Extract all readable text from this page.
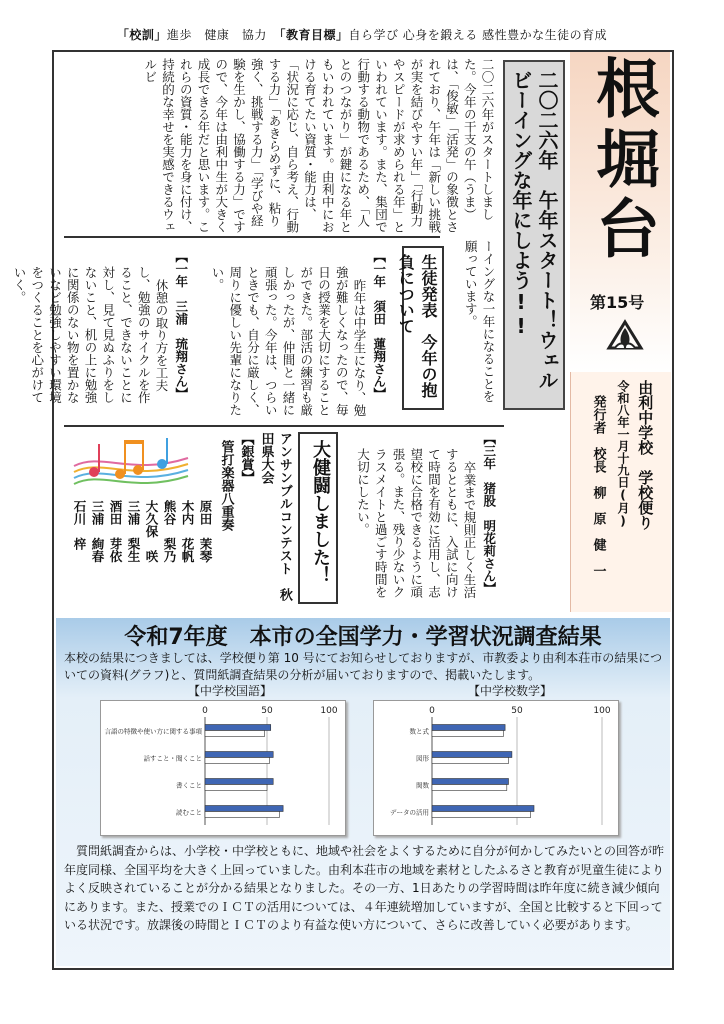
「校訓」進歩　健康　協力　 「教育目標」自ら学び 心身を鍛える 感性豊かな生徒の育成
根堀台
第15号
由利中学校　学校便り
令和八年一月十九日(月)
発行者　校長　柳　原　健　一
二〇二六年　午年スタート！ウェルビーイングな年にしよう!!
二〇二六年がスタートしました。今年の干支の午（うま）は、「俊敏」「活発」の象徴とされており、午年は「新しい挑戦が実を結びやすい年」「行動力やスピードが求められる年」といわれています。また、集団で行動する動物であるため、「人とのつながり」が鍵になる年ともいわれています。由利中における育てたい資質・能力は、「状況に応じ、自ら考え、行動する力」「あきらめずに、粘り強く、挑戦する力」「学びや経験を生かし、協働する力」ですので、今年は由利中生が大きく成長できる年だと思います。これらの資質・能力を身に付け、持続的な幸せを実感できるウェルビ
ーイングな一年になることを願っています。
生徒発表　今年の抱負について
【一年　須田　蓮翔さん】
昨年は中学生になり、勉強が難しくなったので、毎日の授業を大切にすることができた。部活の練習も厳しかったが、仲間と一緒に頑張った。今年は、つらいときでも、自分に厳しく、周りに優しい先輩になりたい。
【一年　三浦　琉翔さん】
休憩の取り方を工夫し、勉強のサイクルを作ること、できないことに対し、見て見ぬふりをしないこと、机の上に勉強に関係のない物を置かないなど勉強しやすい環境をつくることを心がけていく。
【三年　猪股　明花莉さん】
卒業まで規則正しく生活するとともに、入試に向けて時間を有効に活用し、志望校に合格できるように頑張る。また、残り少ないクラスメイトと過ごす時間を大切にしたい。
大健闘しました！
アンサンブルコンテスト　秋田県大会
【銀賞】
管打楽器八重奏
原田　茉琴
木内　花帆
熊谷　梨乃
大久保　咲
三浦　梨生
酒田　芽依
三浦　絢春
石川　梓
令和7年度　本市の全国学力・学習状況調査結果
本校の結果につきましては、学校便り第 10 号にてお知らせしておりますが、市教委より由利本荘市の結果についての資料(グラフ)と、質問紙調査結果の分析が届いておりますので、掲載いたします。
【中学校国語】	【中学校数学】
0	50	100
言語の特徴や使い方に関する事項
話すこと・聞くこと
書くこと
読むこと
0	50	100
数と式
図形
関数
データの活用
質問紙調査からは、小学校・中学校ともに、地域や社会をよくするために自分が何かしてみたいとの回答が昨年度同様、全国平均を大きく上回っていました。由利本荘市の地域を素材としたふるさと教育が児童生徒によりよく反映されていることが分かる結果となりました。その一方、1日あたりの学習時間は昨年度に続き減少傾向にあります。また、授業でのＩＣＴの活用については、４年連続増加していますが、全国と比較すると下回っている状況です。放課後の時間とＩＣＴのより有益な使い方について、さらに改善していく必要があります。
